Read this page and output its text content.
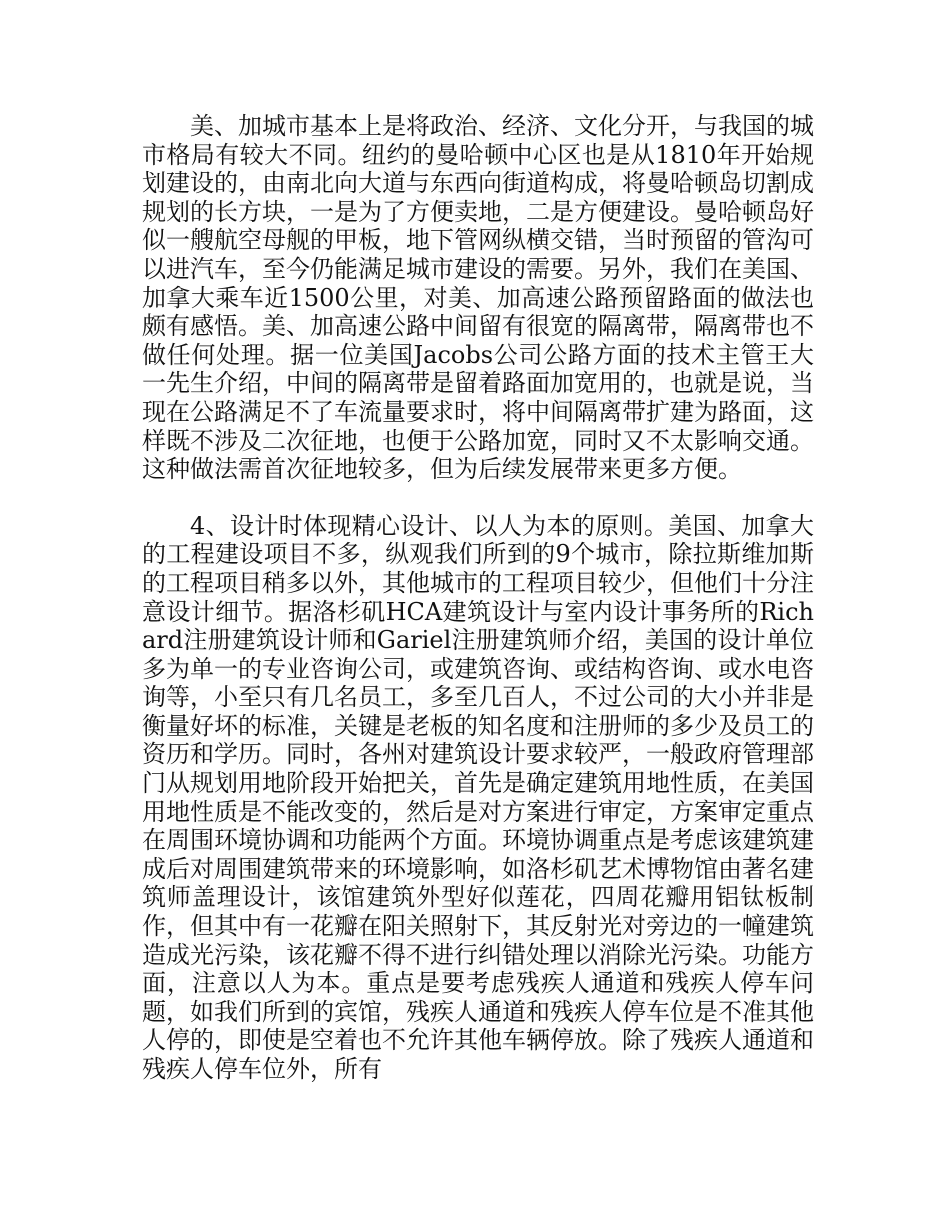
美、加城市基本上是将政治、经济、文化分开，与我国的城市格局有较大不同。纽约的曼哈顿中心区也是从1810年开始规划建设的，由南北向大道与东西向街道构成，将曼哈顿岛切割成规划的长方块，一是为了方便卖地，二是方便建设。曼哈顿岛好似一艘航空母舰的甲板，地下管网纵横交错，当时预留的管沟可以进汽车，至今仍能满足城市建设的需要。另外，我们在美国、加拿大乘车近1500公里，对美、加高速公路预留路面的做法也颇有感悟。美、加高速公路中间留有很宽的隔离带，隔离带也不做任何处理。据一位美国Jacobs公司公路方面的技术主管王大一先生介绍，中间的隔离带是留着路面加宽用的，也就是说，当现在公路满足不了车流量要求时，将中间隔离带扩建为路面，这样既不涉及二次征地，也便于公路加宽，同时又不太影响交通。这种做法需首次征地较多，但为后续发展带来更多方便。

4、设计时体现精心设计、以人为本的原则。美国、加拿大的工程建设项目不多，纵观我们所到的9个城市，除拉斯维加斯的工程项目稍多以外，其他城市的工程项目较少，但他们十分注意设计细节。据洛杉矶HCA建筑设计与室内设计事务所的Richard注册建筑设计师和Gariel注册建筑师介绍，美国的设计单位多为单一的专业咨询公司，或建筑咨询、或结构咨询、或水电咨询等，小至只有几名员工，多至几百人，不过公司的大小并非是衡量好坏的标准，关键是老板的知名度和注册师的多少及员工的资历和学历。同时，各州对建筑设计要求较严，一般政府管理部门从规划用地阶段开始把关，首先是确定建筑用地性质，在美国用地性质是不能改变的，然后是对方案进行审定，方案审定重点在周围环境协调和功能两个方面。环境协调重点是考虑该建筑建成后对周围建筑带来的环境影响，如洛杉矶艺术博物馆由著名建筑师盖理设计，该馆建筑外型好似莲花，四周花瓣用铝钛板制作，但其中有一花瓣在阳关照射下，其反射光对旁边的一幢建筑造成光污染，该花瓣不得不进行纠错处理以消除光污染。功能方面，注意以人为本。重点是要考虑残疾人通道和残疾人停车问题，如我们所到的宾馆，残疾人通道和残疾人停车位是不准其他人停的，即使是空着也不允许其他车辆停放。除了残疾人通道和残疾人停车位外，所有
